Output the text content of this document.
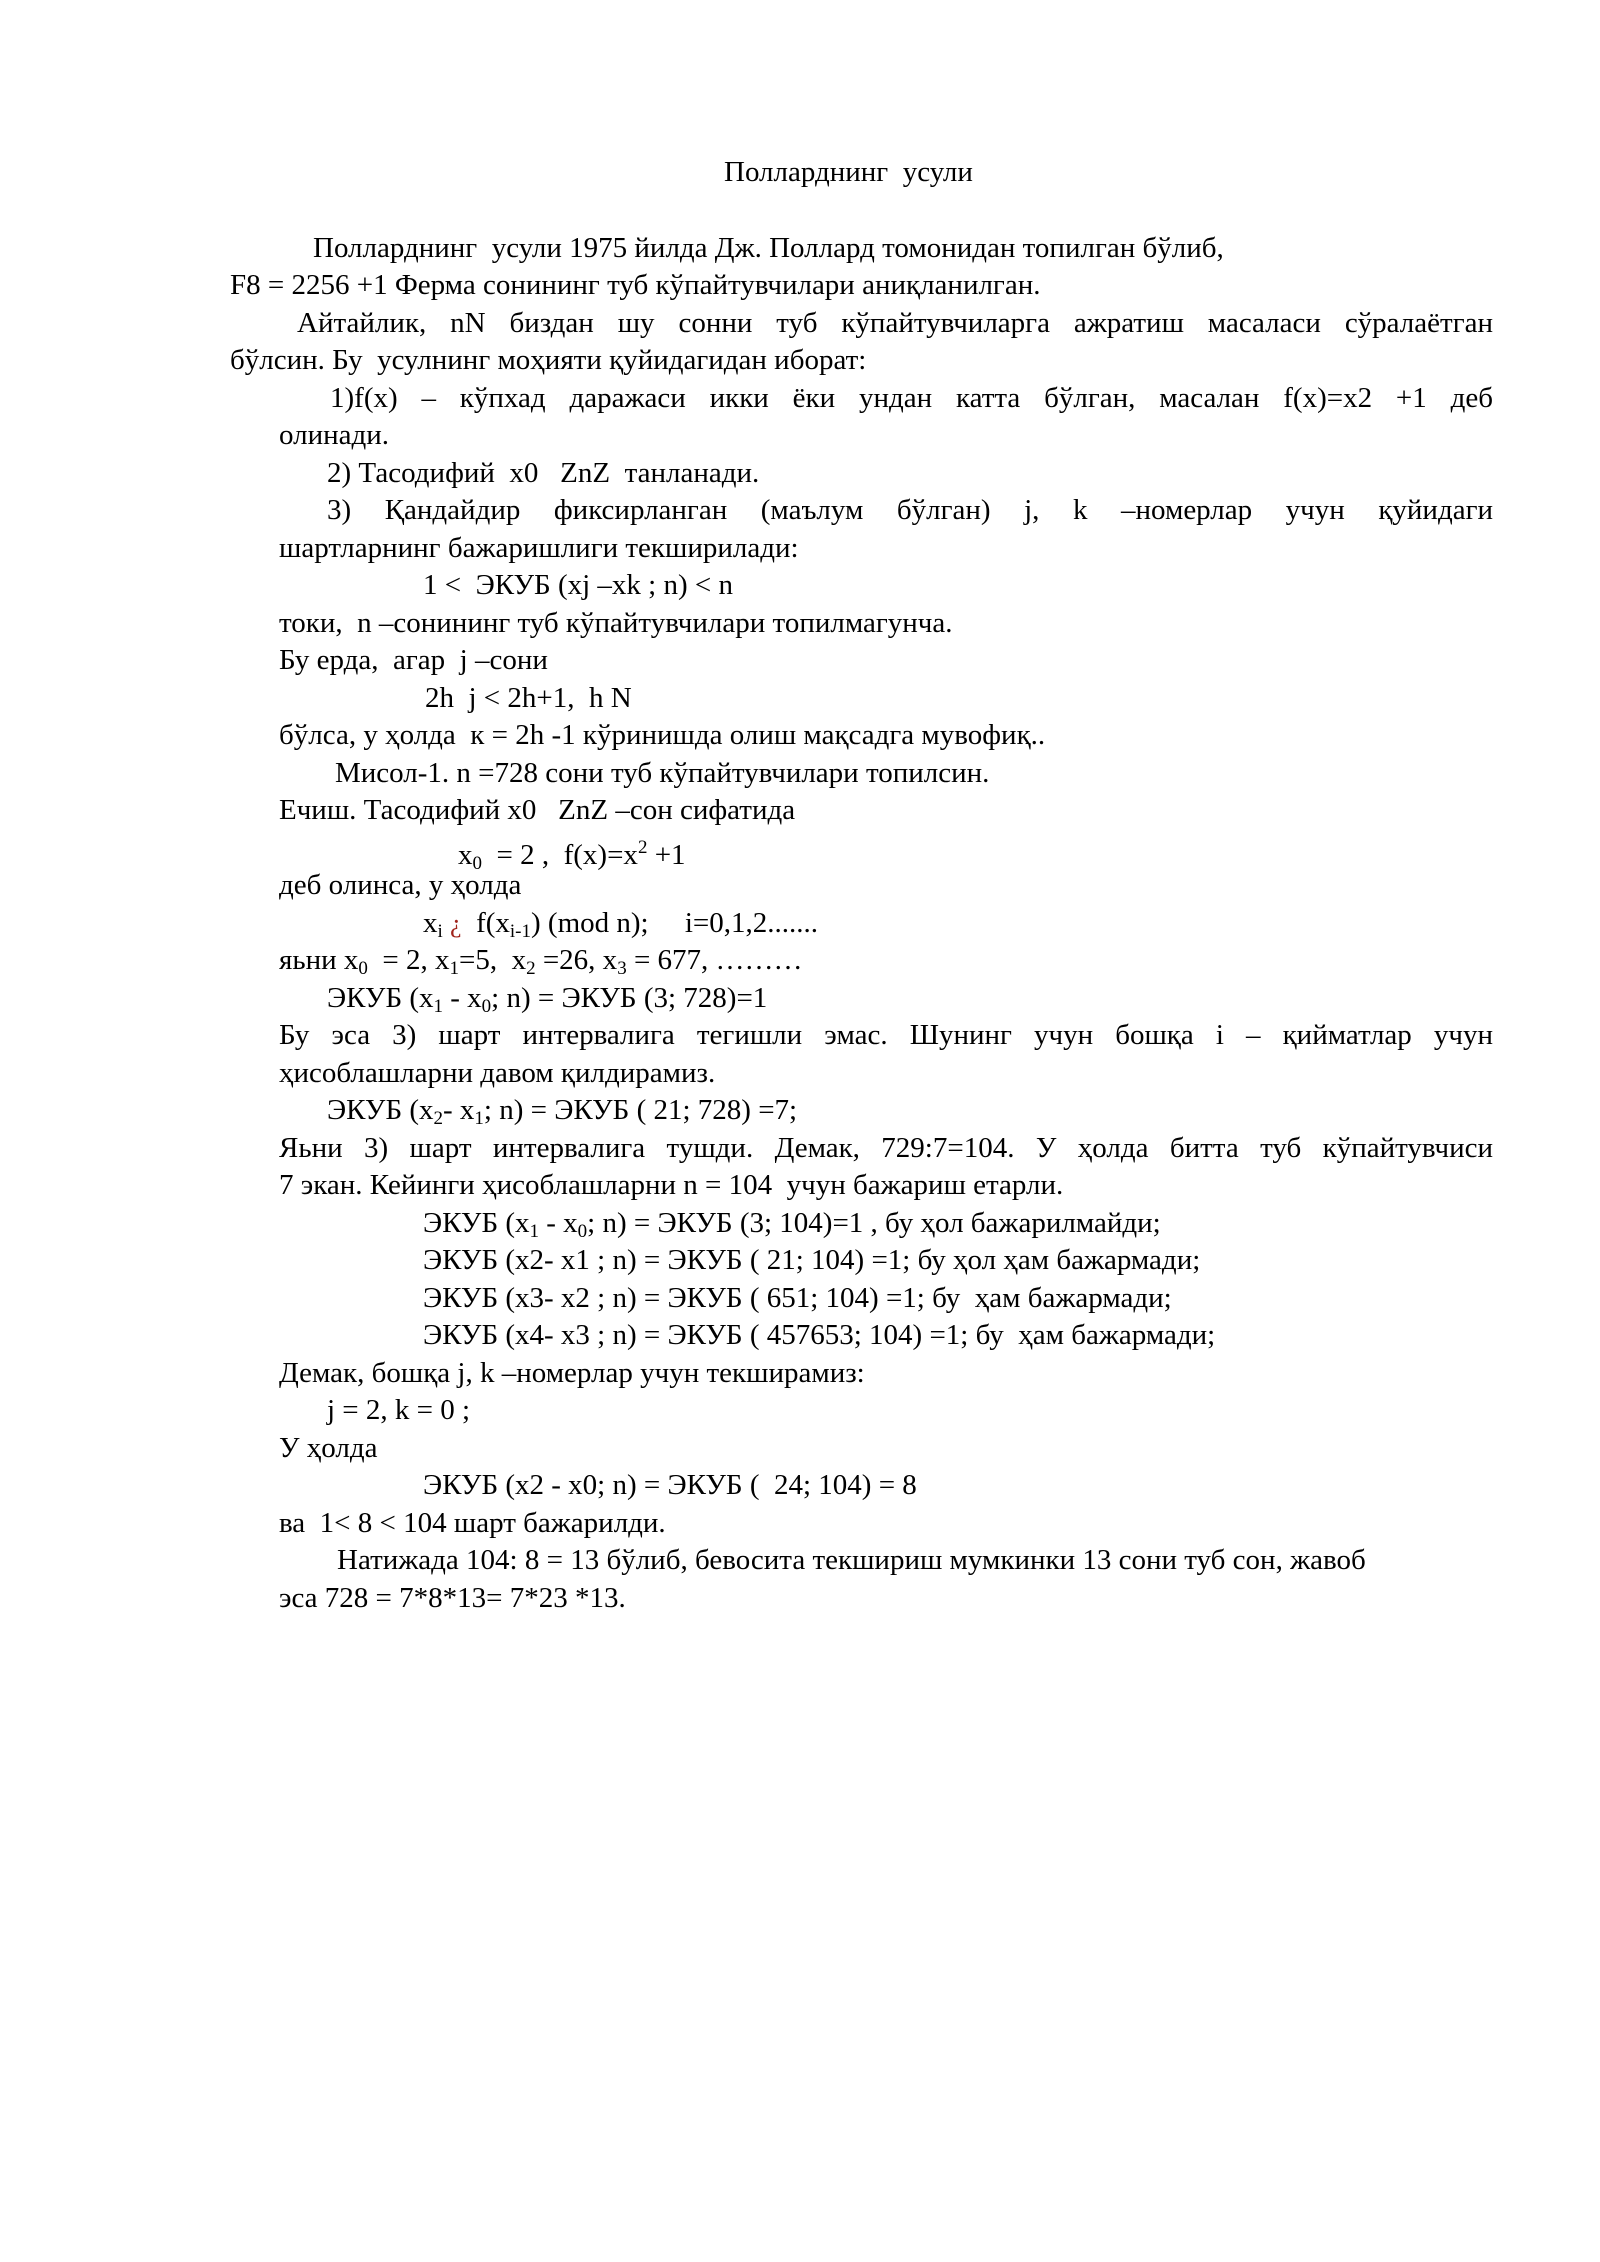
Полларднинг  усули
Полларднинг  усули 1975 йилда Дж. Поллард томонидан топилган бўлиб,
F8 = 2256 +1 Ферма сонининг туб кўпайтувчилари аниқланилган.
Айтайлик, nN биздан шу сонни туб кўпайтувчиларга ажратиш масаласи сўралаётган
бўлсин. Бу  усулнинг моҳияти қуйидагидан иборат:
1)f(x) – кўпхад даражаси икки ёки ундан катта бўлган, масалан f(x)=x2 +1 деб
олинади.
2) Тасодифий  x0   ZnZ  танланади.
3) Қандайдир фиксирланган (маълум бўлган) j, k –номерлар учун қуйидаги
шартларнинг бажаришлиги текширилади:
1 <  ЭКУБ (xj –xk ; n) < n
токи,  n –сонининг туб кўпайтувчилари топилмагунча.
Бу ерда,  агар  j –сони
2h  j < 2h+1,  h N
бўлса, у ҳолда  к = 2h -1 кўринишда олиш мақсадга мувофиқ..
Мисол-1. n =728 сони туб кўпайтувчилари топилсин.
Ечиш. Тасодифий x0   ZnZ –сон сифатида
$x_0 = 2$ ,  $f(x)=x^2 +1$
деб олинса, у ҳолда
$x_i$ ¿  $f(x_{i-1})$ (mod n);     i=0,1,2.......
яьни $x_0 = 2$, $x_1=5$,  $x_2 =26$, $x_3 = 677$, ………
ЭКУБ ($x_1 - x_0$; n) = ЭКУБ (3; 728)=1
Бу эса 3) шарт интервалига тегишли эмас. Шунинг учун бошқа i – қийматлар учун
ҳисоблашларни давом қилдирамиз.
ЭКУБ ($x_2-$ $x_1$; n) = ЭКУБ ( 21; 728) =7;
Яьни 3) шарт интервалига тушди. Демак, 729:7=104. У ҳолда битта туб кўпайтувчиси
7 экан. Кейинги ҳисоблашларни n = 104  учун бажариш етарли.
ЭКУБ ($x_1 - x_0$; n) = ЭКУБ (3; 104)=1 , бу ҳол бажарилмайди;
ЭКУБ (x2- x1 ; n) = ЭКУБ ( 21; 104) =1; бу ҳол ҳам бажармади;
ЭКУБ (x3- x2 ; n) = ЭКУБ ( 651; 104) =1; бу  ҳам бажармади;
ЭКУБ (x4- x3 ; n) = ЭКУБ ( 457653; 104) =1; бу  ҳам бажармади;
Демак, бошқа j, k –номерлар учун текширамиз:
j = 2, k = 0 ;
У ҳолда
ЭКУБ (x2 - x0; n) = ЭКУБ (  24; 104) = 8
ва  1< 8 < 104 шарт бажарилди.
Натижада 104: 8 = 13 бўлиб, бевосита текшириш мумкинки 13 сони туб сон, жавоб
эса 728 = 7*8*13= 7*23 *13.
